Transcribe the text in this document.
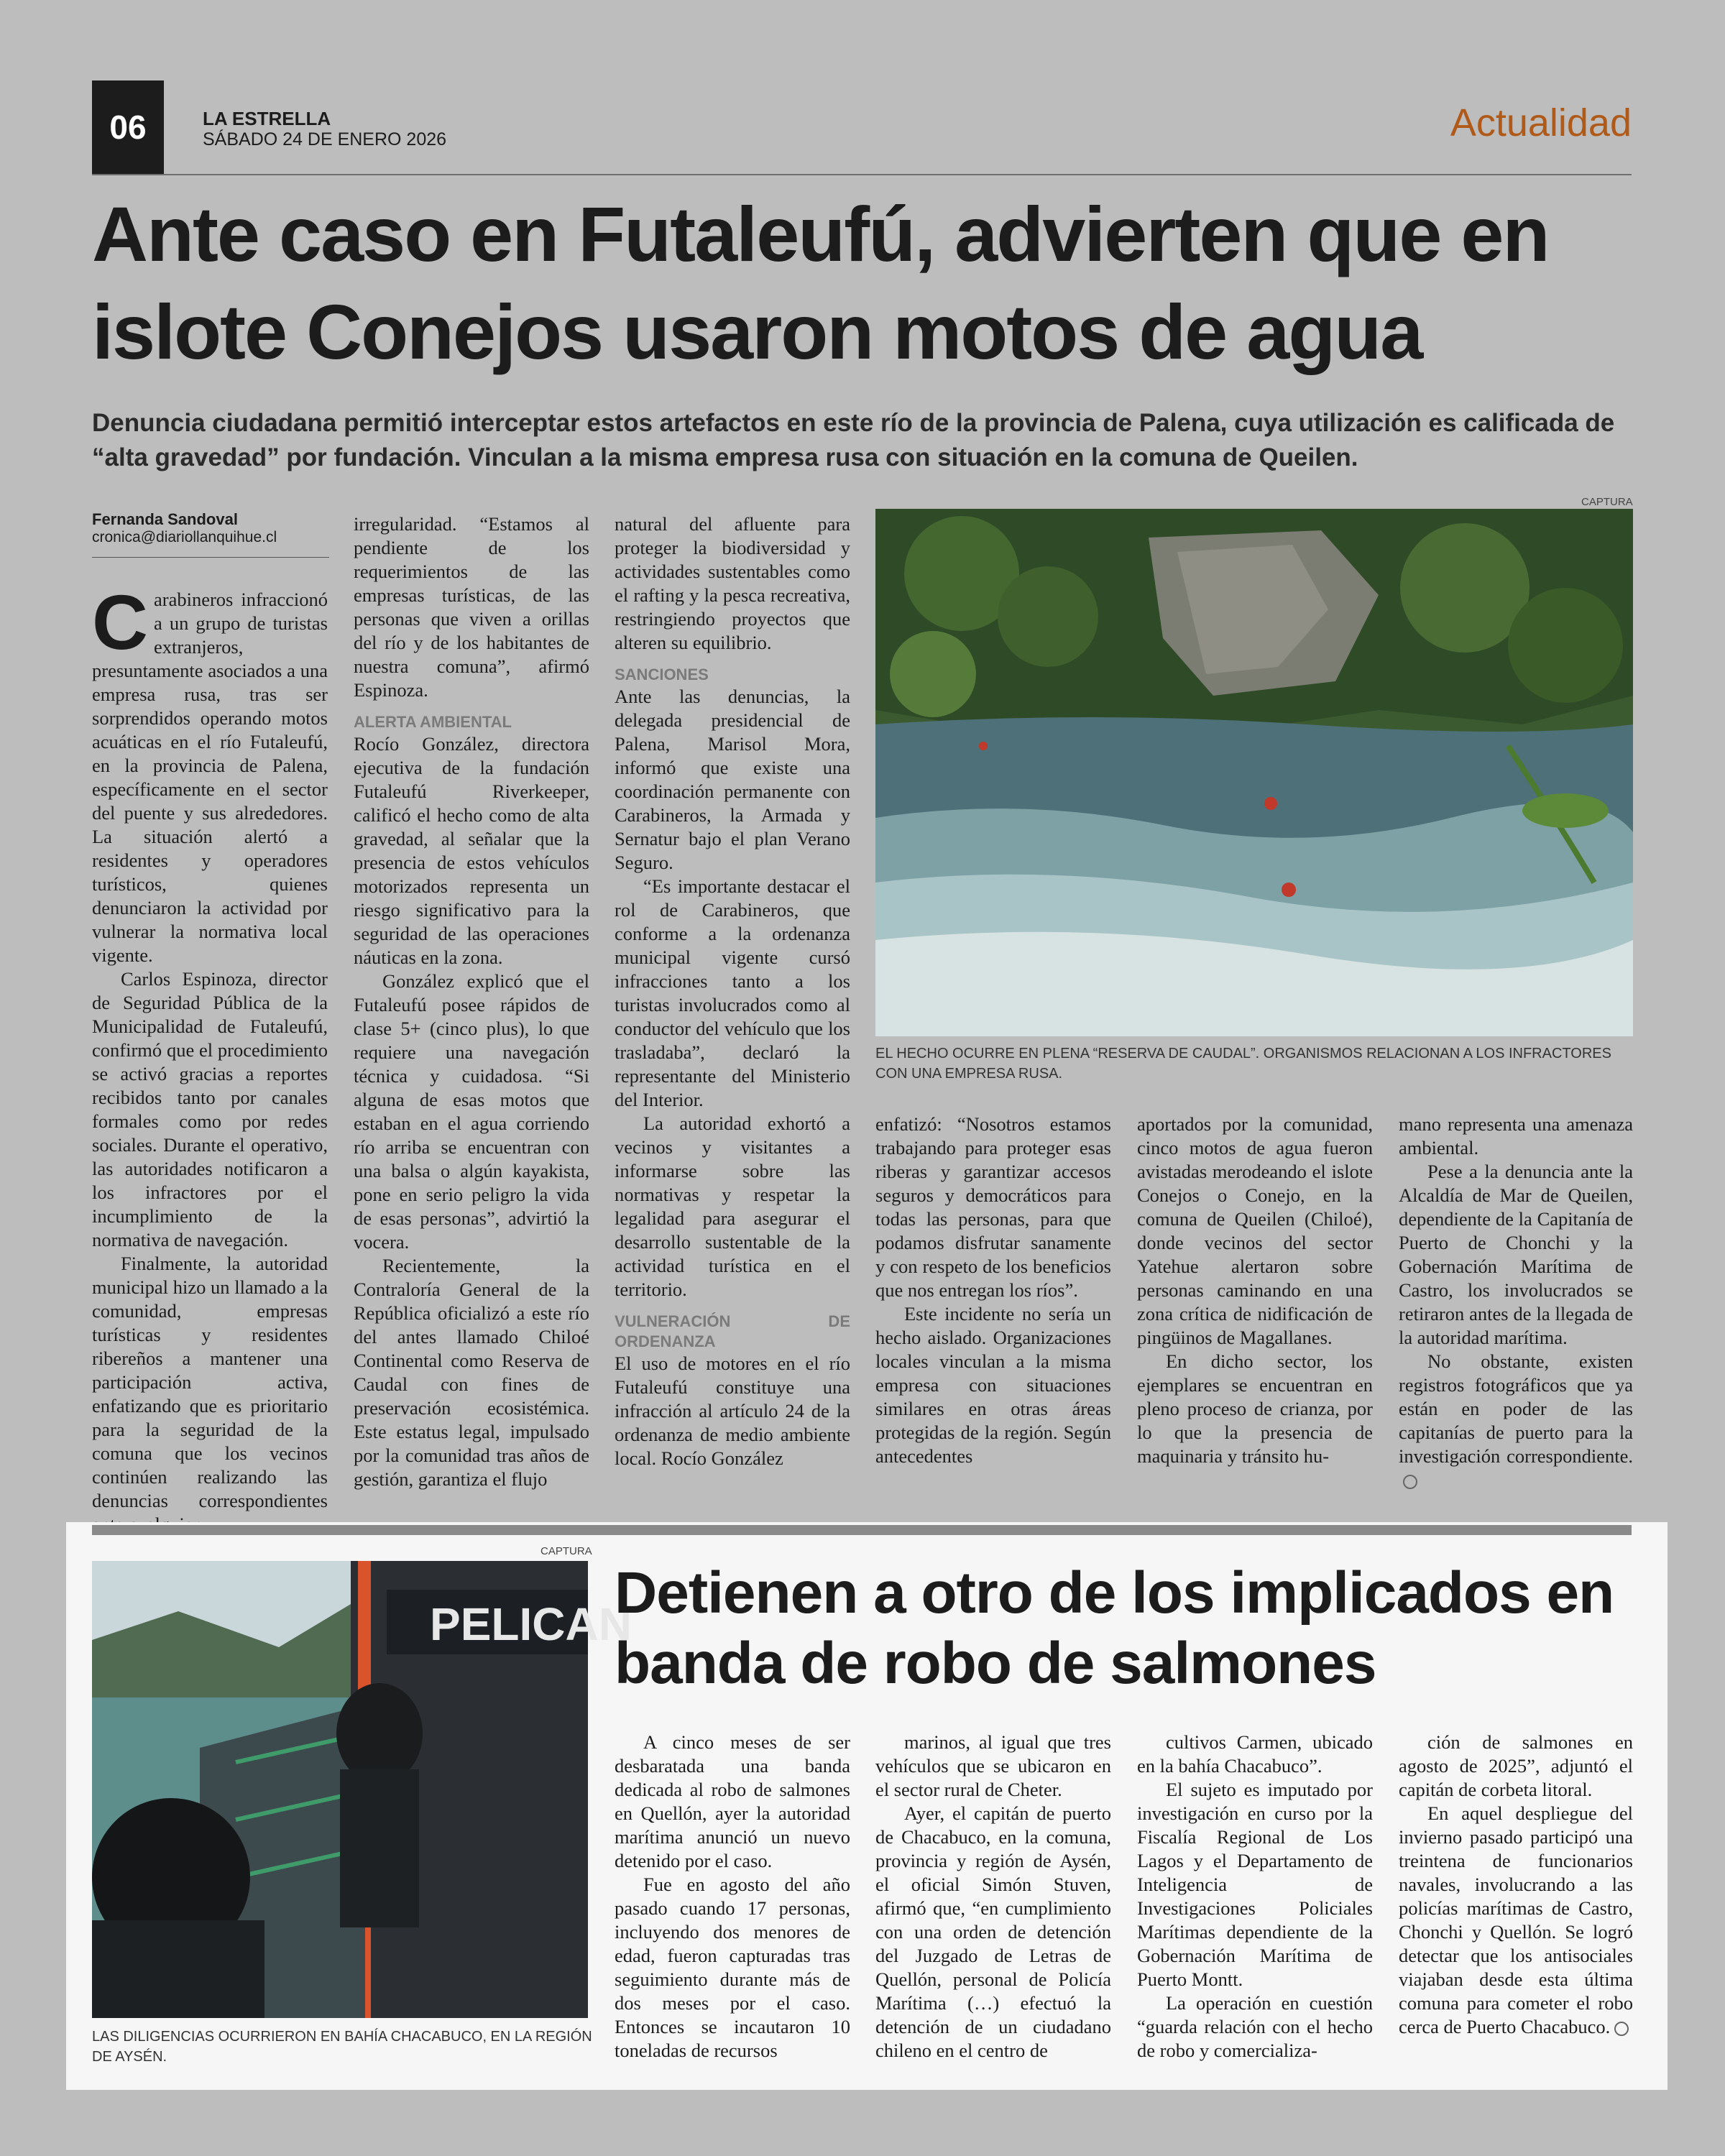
06	LA ESTRELLA
SÁBADO 24 DE ENERO 2026	Actualidad
Ante caso en Futaleufú, advierten que en islote Conejos usaron motos de agua
Denuncia ciudadana permitió interceptar estos artefactos en este río de la provincia de Palena, cuya utilización es calificada de “alta gravedad” por fundación. Vinculan a la misma empresa rusa con situación en la comuna de Queilen.
Fernanda Sandoval
cronica@diariollanquihue.cl

Carabineros infraccionó a un grupo de turistas extranjeros, presuntamente asociados a una empresa rusa, tras ser sorprendidos operando motos acuáticas en el río Futaleufú, en la provincia de Palena, específicamente en el sector del puente y sus alrededores. La situación alertó a residentes y operadores turísticos, quienes denunciaron la actividad por vulnerar la normativa local vigente.

Carlos Espinoza, director de Seguridad Pública de la Municipalidad de Futaleufú, confirmó que el procedimiento se activó gracias a reportes recibidos tanto por canales formales como por redes sociales. Durante el operativo, las autoridades notificaron a los infractores por el incumplimiento de la normativa de navegación.

Finalmente, la autoridad municipal hizo un llamado a la comunidad, empresas turísticas y residentes ribereños a mantener una participación activa, enfatizando que es prioritario para la seguridad de la comuna que los vecinos continúen realizando las denuncias correspondientes

irregularidad. “Estamos al pendiente de los requerimientos de las empresas turísticas, de las personas que viven a orillas del río y de los habitantes de nuestra comuna”, afirmó Espinoza.

ALERTA AMBIENTAL

Rocío González, directora ejecutiva de la fundación Futaleufú Riverkeeper, calificó el hecho como de alta gravedad, al señalar que la presencia de estos vehículos motorizados representa un riesgo significativo para la seguridad de las operaciones náuticas en la zona.

González explicó que el Futaleufú posee rápidos de clase 5+ (cinco plus), lo que requiere una navegación técnica y cuidadosa. “Si alguna de esas motos que estaban en el agua corriendo río arriba se encuentran con una balsa o algún kayakista, pone en serio peligro la vida de esas personas”, advirtió la vocera.

Recientemente, la Contraloría General de la República oficializó a este río del antes llamado Chiloé Continental como Reserva de Caudal con fines de preservación ecosistémica. Este estatus legal, impulsado por la comunidad tras años de gestión, garantiza el flujo

natural del afluente para proteger la biodiversidad y actividades sustentables como el rafting y la pesca recreativa, restringiendo proyectos que alteren su equilibrio.

SANCIONES

Ante las denuncias, la delegada presidencial de Palena, Marisol Mora, informó que existe una coordinación permanente con Carabineros, la Armada y Sernatur bajo el plan Verano Seguro.

“Es importante destacar el rol de Carabineros, que conforme a la ordenanza municipal vigente cursó infracciones tanto a los turistas involucrados como al conductor del vehículo que los trasladaba”, declaró la representante del Ministerio del Interior.

La autoridad exhortó a vecinos y visitantes a informarse sobre las normativas y respetar la legalidad para asegurar el desarrollo sustentable de la actividad turística en el territorio.

VULNERACIÓN DE ORDENANZA

El uso de motores en el río Futaleufú constituye una infracción al artículo 24 de la ordenanza de medio ambiente local. Rocío González

CAPTURA
EL HECHO OCURRE EN PLENA “RESERVA DE CAUDAL”. ORGANISMOS RELACIONAN A LOS INFRACTORES CON UNA EMPRESA RUSA.

enfatizó: “Nosotros estamos trabajando para proteger esas riberas y garantizar accesos seguros y democráticos para todas las personas, para que podamos disfrutar sanamente y con respeto de los beneficios que nos entregan los ríos”.

Este incidente no sería un hecho aislado. Organizaciones locales vinculan a la misma empresa con situaciones similares en otras áreas protegidas de la región. Según antecedentes

aportados por la comunidad, cinco motos de agua fueron avistadas merodeando el islote Conejos o Conejo, en la comuna de Queilen (Chiloé), donde vecinos del sector Yatehue alertaron sobre personas caminando en una zona crítica de nidificación de pingüinos de Magallanes.

En dicho sector, los ejemplares se encuentran en pleno proceso de crianza, por lo que la presencia de maquinaria y tránsito hu-

mano representa una amenaza ambiental.

Pese a la denuncia ante la Alcaldía de Mar de Queilen, dependiente de la Capitanía de Puerto de Chonchi y la Gobernación Marítima de Castro, los involucrados se retiraron antes de la llegada de la autoridad marítima.

No obstante, existen registros fotográficos que ya están en poder de las capitanías de puerto para la investigación correspondiente.

CAPTURA
PELICAN
LAS DILIGENCIAS OCURRIERON EN BAHÍA CHACABUCO, EN LA REGIÓN DE AYSÉN.
Detienen a otro de los implicados en banda de robo de salmones

A cinco meses de ser desbaratada una banda dedicada al robo de salmones en Quellón, ayer la autoridad marítima anunció un nuevo detenido por el caso.

Fue en agosto del año pasado cuando 17 personas, incluyendo dos menores de edad, fueron capturadas tras seguimiento durante más de dos meses por el caso. Entonces se incautaron 10 toneladas de recursos

marinos, al igual que tres vehículos que se ubicaron en el sector rural de Cheter.

Ayer, el capitán de puerto de Chacabuco, en la comuna, provincia y región de Aysén, el oficial Simón Stuven, afirmó que, “en cumplimiento con una orden de detención del Juzgado de Letras de Quellón, personal de Policía Marítima (…) efectuó la detención de un ciudadano chileno en el centro de

cultivos Carmen, ubicado en la bahía Chacabuco”.

El sujeto es imputado por investigación en curso por la Fiscalía Regional de Los Lagos y el Departamento de Inteligencia de Investigaciones Policiales Marítimas dependiente de la Gobernación Marítima de Puerto Montt.

La operación en cuestión “guarda relación con el hecho de robo y comercializa-

ción de salmones en agosto de 2025”, adjuntó el capitán de corbeta litoral.

En aquel despliegue del invierno pasado participó una treintena de funcionarios navales, involucrando a las policías marítimas de Castro, Chonchi y Quellón. Se logró detectar que los antisociales viajaban desde esta última comuna para cometer el robo cerca de Puerto Chacabuco.
